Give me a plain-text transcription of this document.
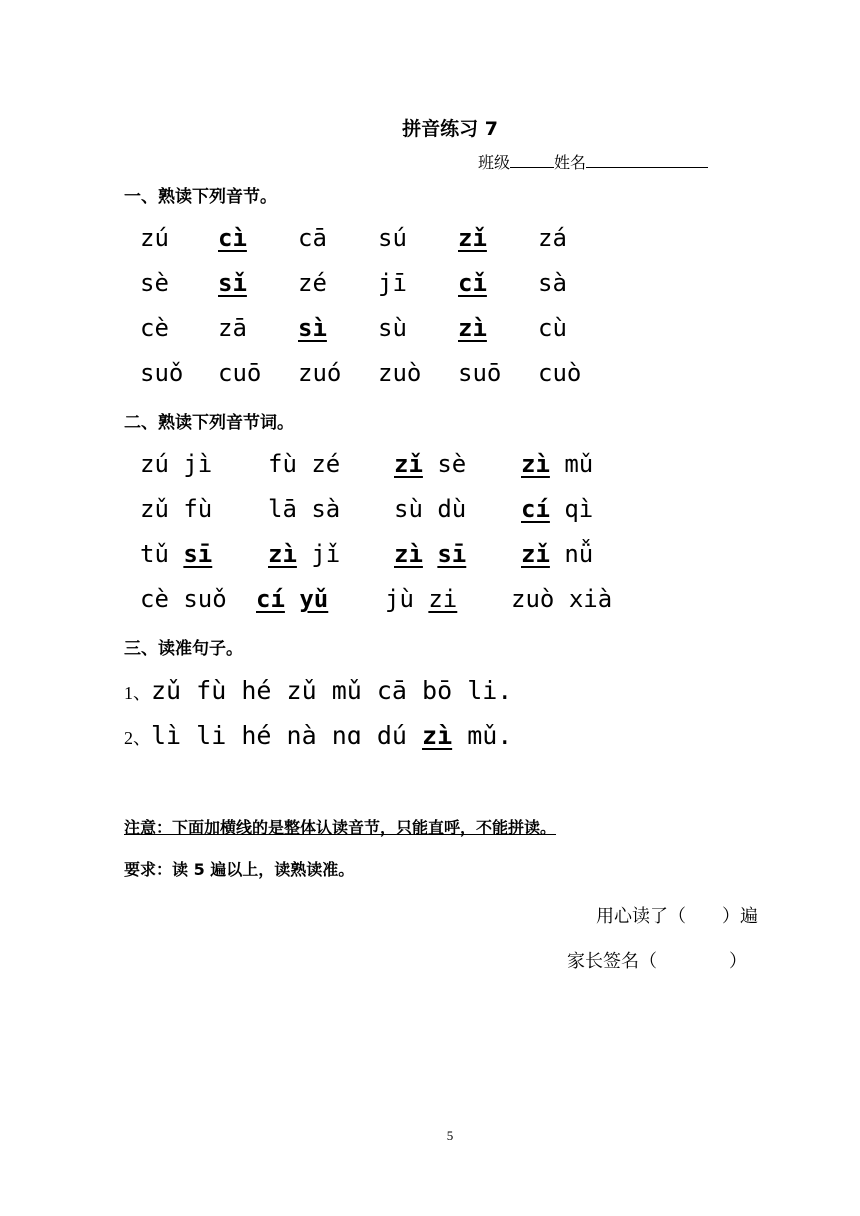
拼音练习 7
班级	姓名
一、熟读下列音节。
zú cì cā sú zǐ zá
sè sǐ zé jī cǐ sà
cè zā sì sù zì cù
suǒ cuō zuó zuò suō cuò
二、熟读下列音节词。
zú jì fù zé zǐ sè zì mǔ
zǔ fù lā sà sù dù cí qì
tǔ sī zì jǐ zì sī zǐ nǚ
cè suǒ cí yǔ jù zi zuò xià
三、读准句子。
1、zǔ fù hé zǔ mǔ cā bō li.
2、lì li hé nà nɑ dú zì mǔ.
注意：下面加横线的是整体认读音节，只能直呼，不能拼读。
要求：读 5 遍以上，读熟读准。
用心读了（　　）遍
家长签名（　　　　）
5
